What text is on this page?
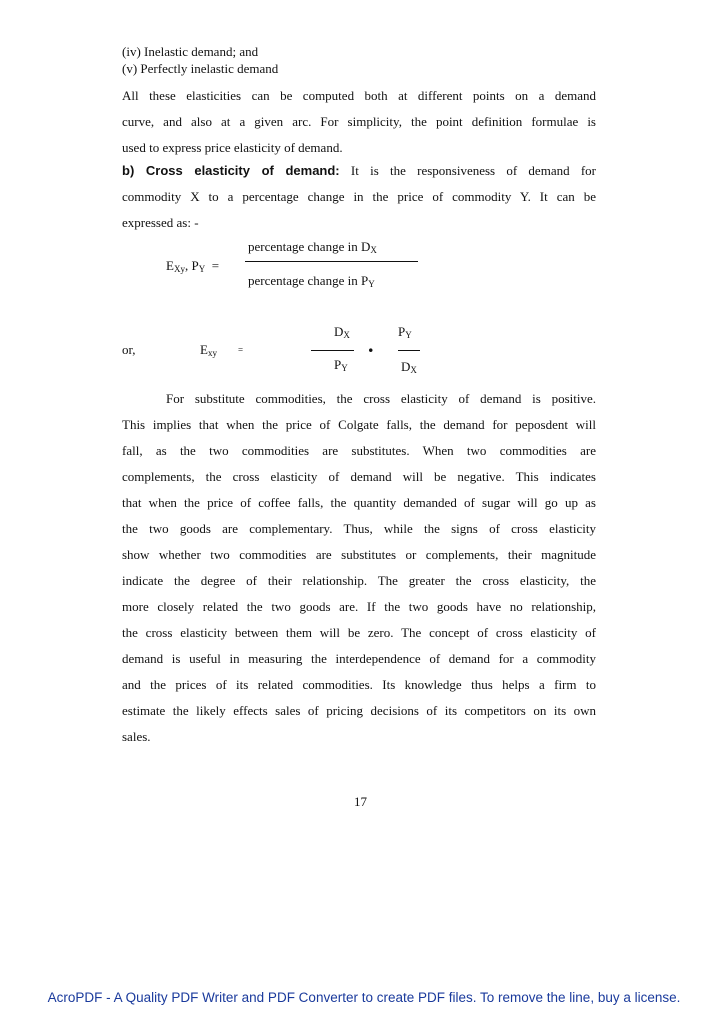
(iv) Inelastic demand; and
(v) Perfectly inelastic demand
All these elasticities can be computed both at different points on a demand
curve, and also at a given arc. For simplicity, the point definition formulae is
used to express price elasticity of demand.
b) Cross elasticity of demand: It is the responsiveness of demand for
commodity X to a percentage change in the price of commodity Y. It can be
expressed as: -
$E_{Xy}$, $P_Y$ =
percentage change in $D_X$
percentage change in $P_Y$
or,	$E_{xy}$ =
$D_X$
$P_Y$
.
$P_Y$
$D_X$
For substitute commodities, the cross elasticity of demand is positive.
This implies that when the price of Colgate falls, the demand for peposdent will
fall, as the two commodities are substitutes. When two commodities are
complements, the cross elasticity of demand will be negative. This indicates
that when the price of coffee falls, the quantity demanded of sugar will go up as
the two goods are complementary. Thus, while the signs of cross elasticity
show whether two commodities are substitutes or complements, their magnitude
indicate the degree of their relationship. The greater the cross elasticity, the
more closely related the two goods are. If the two goods have no relationship,
the cross elasticity between them will be zero. The concept of cross elasticity of
demand is useful in measuring the interdependence of demand for a commodity
and the prices of its related commodities. Its knowledge thus helps a firm to
estimate the likely effects sales of pricing decisions of its competitors on its own
sales.
17
AcroPDF - A Quality PDF Writer and PDF Converter to create PDF files. To remove the line, buy a license.
